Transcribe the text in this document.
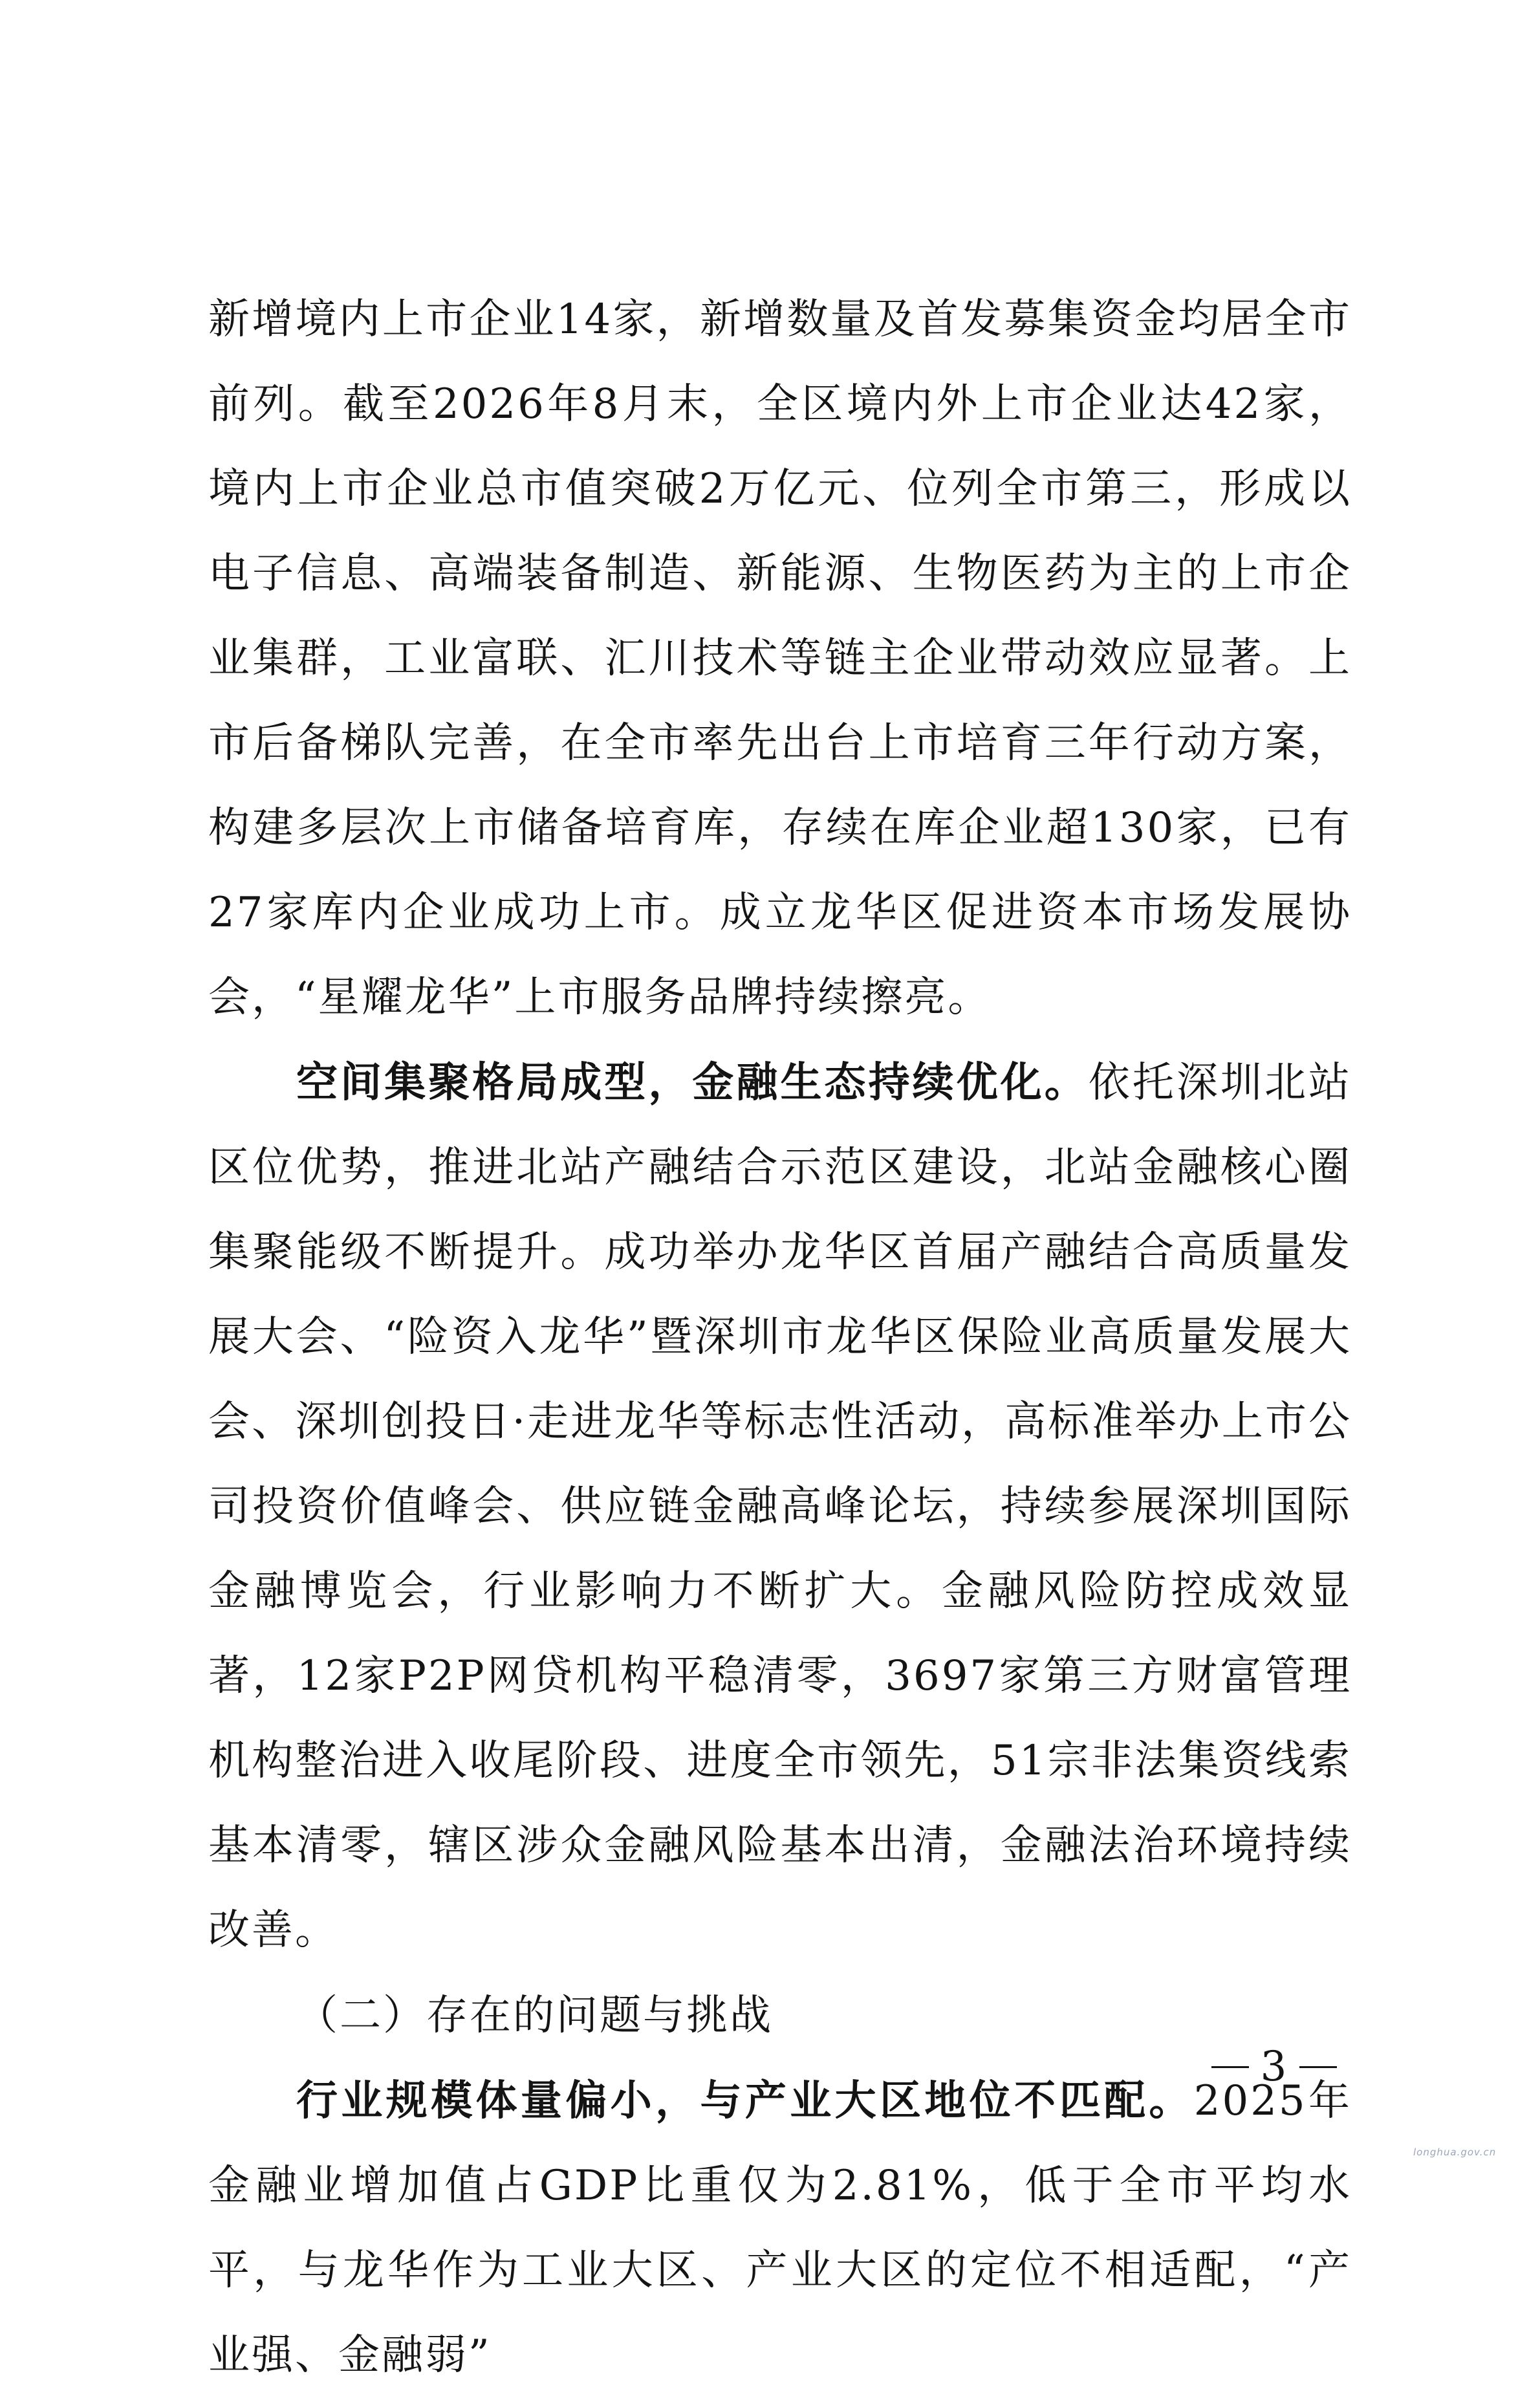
新增境内上市企业14家，新增数量及首发募集资金均居全市前列。截至2026年8月末，全区境内外上市企业达42家，境内上市企业总市值突破2万亿元、位列全市第三，形成以电子信息、高端装备制造、新能源、生物医药为主的上市企业集群，工业富联、汇川技术等链主企业带动效应显著。上市后备梯队完善，在全市率先出台上市培育三年行动方案，构建多层次上市储备培育库，存续在库企业超130家，已有27家库内企业成功上市。成立龙华区促进资本市场发展协会，“星耀龙华”上市服务品牌持续擦亮。

空间集聚格局成型，金融生态持续优化。依托深圳北站区位优势，推进北站产融结合示范区建设，北站金融核心圈集聚能级不断提升。成功举办龙华区首届产融结合高质量发展大会、“险资入龙华”暨深圳市龙华区保险业高质量发展大会、深圳创投日·走进龙华等标志性活动，高标准举办上市公司投资价值峰会、供应链金融高峰论坛，持续参展深圳国际金融博览会，行业影响力不断扩大。金融风险防控成效显著，12家P2P网贷机构平稳清零，3697家第三方财富管理机构整治进入收尾阶段、进度全市领先，51宗非法集资线索基本清零，辖区涉众金融风险基本出清，金融法治环境持续改善。

（二）存在的问题与挑战

行业规模体量偏小，与产业大区地位不匹配。2025年金融业增加值占GDP比重仅为2.81%，低于全市平均水平，与龙华作为工业大区、产业大区的定位不相适配，“产业强、金融弱”

3
longhua.gov.cn
